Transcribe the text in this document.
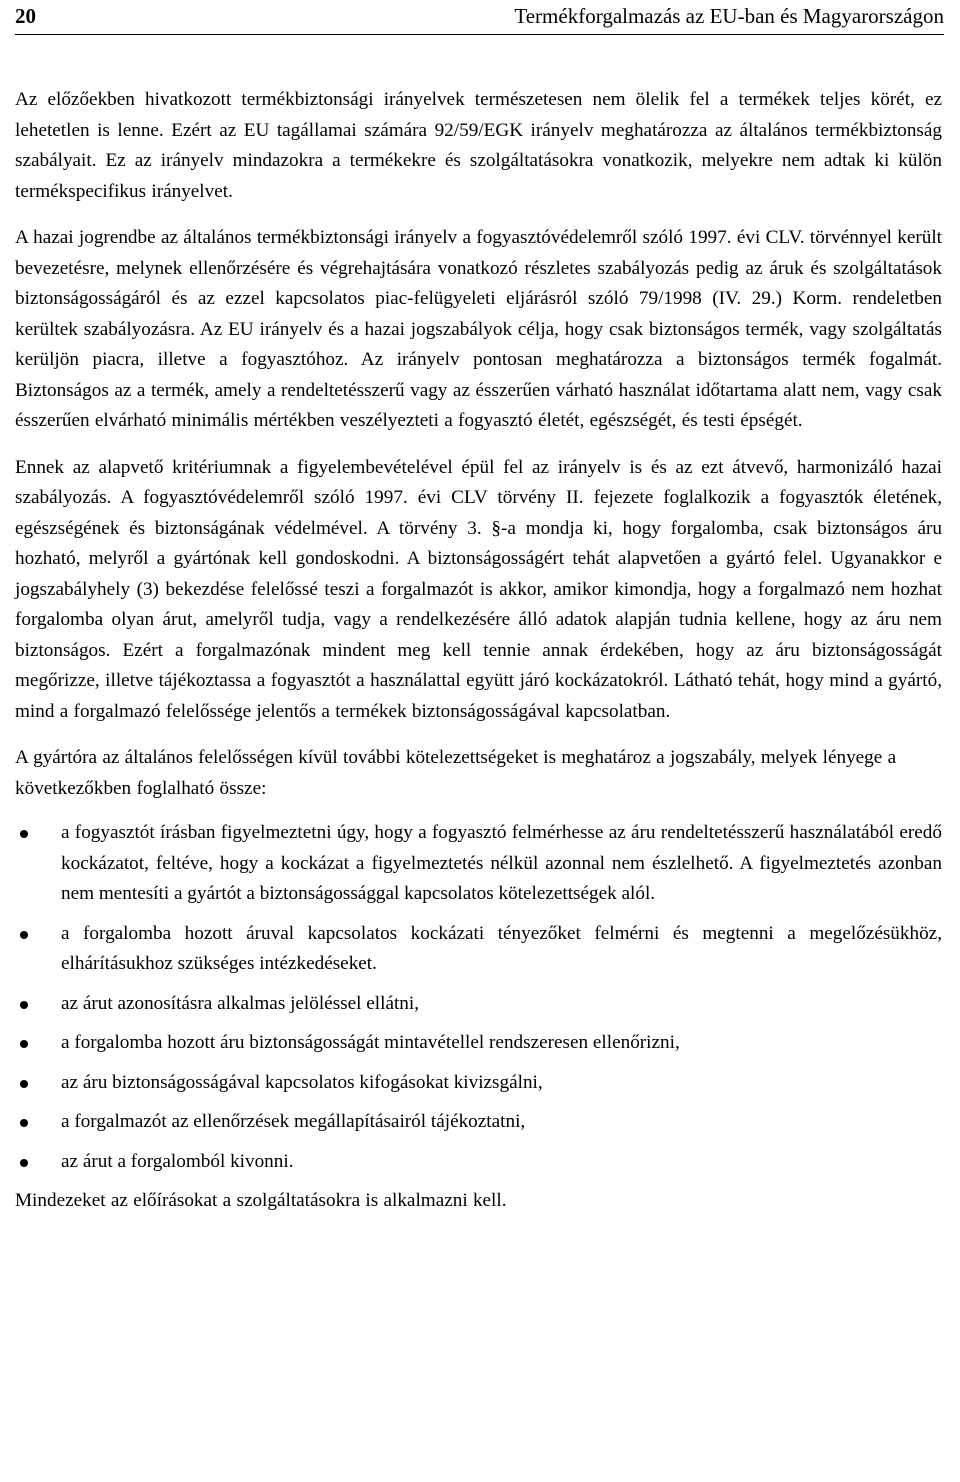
20	Termékforgalmazás az EU-ban és Magyarországon

Az előzőekben hivatkozott termékbiztonsági irányelvek természetesen nem ölelik fel a termékek teljes körét, ez lehetetlen is lenne. Ezért az EU tagállamai számára 92/59/EGK irányelv meghatározza az általános termékbiztonság szabályait. Ez az irányelv mindazokra a termékekre és szolgáltatásokra vonatkozik, melyekre nem adtak ki külön termékspecifikus irányelvet.

A hazai jogrendbe az általános termékbiztonsági irányelv a fogyasztóvédelemről szóló 1997. évi CLV. törvénnyel került bevezetésre, melynek ellenőrzésére és végrehajtására vonatkozó részletes szabályozás pedig az áruk és szolgáltatások biztonságosságáról és az ezzel kapcsolatos piac-felügyeleti eljárásról szóló 79/1998 (IV. 29.) Korm. rendeletben kerültek szabályozásra. Az EU irányelv és a hazai jogszabályok célja, hogy csak biztonságos termék, vagy szolgáltatás kerüljön piacra, illetve a fogyasztóhoz. Az irányelv pontosan meghatározza a biztonságos termék fogalmát. Biztonságos az a termék, amely a rendeltetésszerű vagy az ésszerűen várható használat időtartama alatt nem, vagy csak ésszerűen elvárható minimális mértékben veszélyezteti a fogyasztó életét, egészségét, és testi épségét.

Ennek az alapvető kritériumnak a figyelembevételével épül fel az irányelv is és az ezt átvevő, harmonizáló hazai szabályozás. A fogyasztóvédelemről szóló 1997. évi CLV törvény II. fejezete foglalkozik a fogyasztók életének, egészségének és biztonságának védelmével. A törvény 3. §-a mondja ki, hogy forgalomba, csak biztonságos áru hozható, melyről a gyártónak kell gondoskodni. A biztonságosságért tehát alapvetően a gyártó felel. Ugyanakkor e jogszabályhely (3) bekezdése felelőssé teszi a forgalmazót is akkor, amikor kimondja, hogy a forgalmazó nem hozhat forgalomba olyan árut, amelyről tudja, vagy a rendelkezésére álló adatok alapján tudnia kellene, hogy az áru nem biztonságos. Ezért a forgalmazónak mindent meg kell tennie annak érdekében, hogy az áru biztonságosságát megőrizze, illetve tájékoztassa a fogyasztót a használattal együtt járó kockázatokról. Látható tehát, hogy mind a gyártó, mind a forgalmazó felelőssége jelentős a termékek biztonságosságával kapcsolatban.

A gyártóra az általános felelősségen kívül további kötelezettségeket is meghatároz a jogszabály, melyek lényege a következőkben foglalható össze:

a fogyasztót írásban figyelmeztetni úgy, hogy a fogyasztó felmérhesse az áru rendeltetésszerű használatából eredő kockázatot, feltéve, hogy a kockázat a figyelmeztetés nélkül azonnal nem észlelhető. A figyelmeztetés azonban nem mentesíti a gyártót a biztonságossággal kapcsolatos kötelezettségek alól.
a forgalomba hozott áruval kapcsolatos kockázati tényezőket felmérni és megtenni a megelőzésükhöz, elhárításukhoz szükséges intézkedéseket.
az árut azonosításra alkalmas jelöléssel ellátni,
a forgalomba hozott áru biztonságosságát mintavétellel rendszeresen ellenőrizni,
az áru biztonságosságával kapcsolatos kifogásokat kivizsgálni,
a forgalmazót az ellenőrzések megállapításairól tájékoztatni,
az árut a forgalomból kivonni.

Mindezeket az előírásokat a szolgáltatásokra is alkalmazni kell.
